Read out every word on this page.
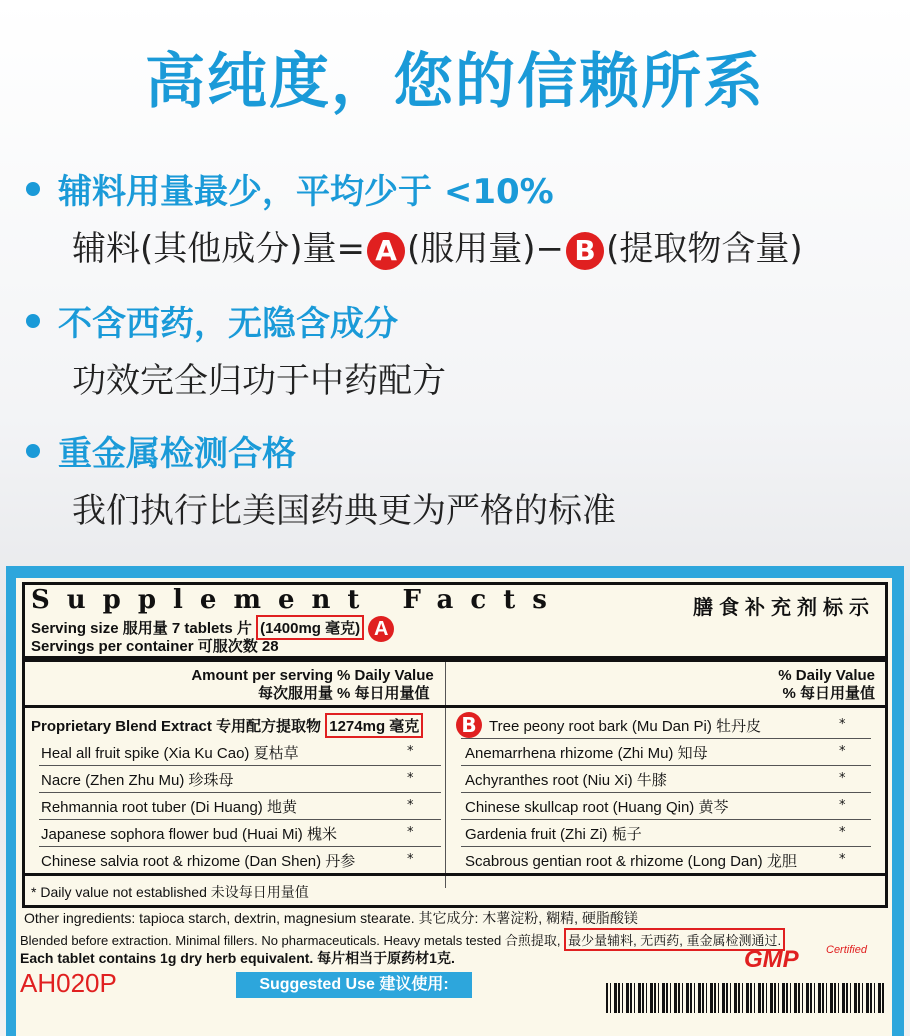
高纯度，您的信赖所系
辅料用量最少，平均少于 <10%
辅料(其他成分)量= A (服用量)− B (提取物含量)
不含西药，无隐含成分
功效完全归功于中药配方
重金属检测合格
我们执行比美国药典更为严格的标准
Supplement Facts	膳食补充剂标示
Serving size 服用量 7 tablets 片 (1400mg 毫克) A
Servings per container 可服次数 28
Amount per serving
每次服用量
% Daily Value
% 每日用量值
% Daily Value
% 每日用量值
Proprietary Blend Extract 专用配方提取物 1274mg 毫克 B
Heal all fruit spike (Xia Ku Cao) 夏枯草	*
Nacre (Zhen Zhu Mu) 珍珠母	*
Rehmannia root tuber (Di Huang) 地黄	*
Japanese sophora flower bud (Huai Mi) 槐米	*
Chinese salvia root & rhizome (Dan Shen) 丹参	*
Tree peony root bark (Mu Dan Pi) 牡丹皮	*
Anemarrhena rhizome (Zhi Mu) 知母	*
Achyranthes root (Niu Xi) 牛膝	*
Chinese skullcap root (Huang Qin) 黄芩	*
Gardenia fruit (Zhi Zi) 栀子	*
Scabrous gentian root & rhizome (Long Dan) 龙胆	*
* Daily value not established 未设每日用量值
Other ingredients: tapioca starch, dextrin, magnesium stearate. 其它成分: 木薯淀粉, 糊精, 硬脂酸镁
Blended before extraction. Minimal fillers. No pharmaceuticals. Heavy metals tested 合煎提取, 最少量辅料, 无西药, 重金属检测通过.
Each tablet contains 1g dry herb equivalent. 每片相当于原药材1克.
AH020P	Suggested Use 建议使用:
GMP Certified
